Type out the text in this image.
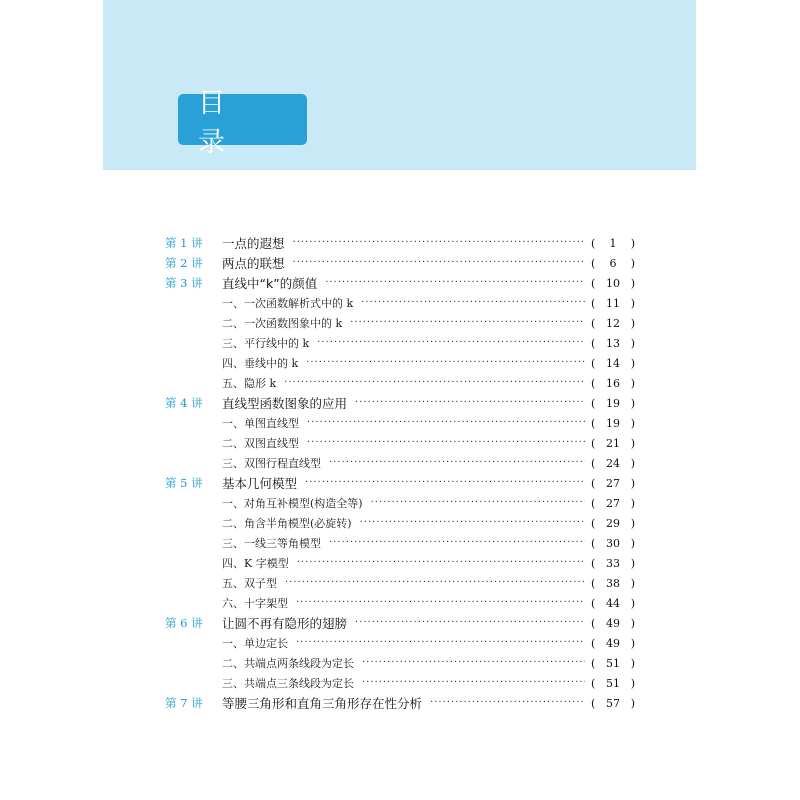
目 录
第 1 讲	一点的遐想 ·····	( 1 )
第 2 讲	两点的联想 ·····	( 6 )
第 3 讲	直线中“k”的颜值 ·····	( 10 )
一、一次函数解析式中的 k ·····	( 11 )
二、一次函数图象中的 k ·····	( 12 )
三、平行线中的 k ·····	( 13 )
四、垂线中的 k ·····	( 14 )
五、隐形 k ·····	( 16 )
第 4 讲	直线型函数图象的应用 ·····	( 19 )
一、单图直线型 ·····	( 19 )
二、双图直线型 ·····	( 21 )
三、双图行程直线型 ·····	( 24 )
第 5 讲	基本几何模型 ·····	( 27 )
一、对角互补模型(构造全等) ·····	( 27 )
二、角含半角模型(必旋转) ·····	( 29 )
三、一线三等角模型 ·····	( 30 )
四、K 字模型 ·····	( 33 )
五、双子型 ·····	( 38 )
六、十字架型 ·····	( 44 )
第 6 讲	让圆不再有隐形的翅膀 ·····	( 49 )
一、单边定长 ·····	( 49 )
二、共端点两条线段为定长 ·····	( 51 )
三、共端点三条线段为定长 ·····	( 51 )
第 7 讲	等腰三角形和直角三角形存在性分析 ·····	( 57 )
